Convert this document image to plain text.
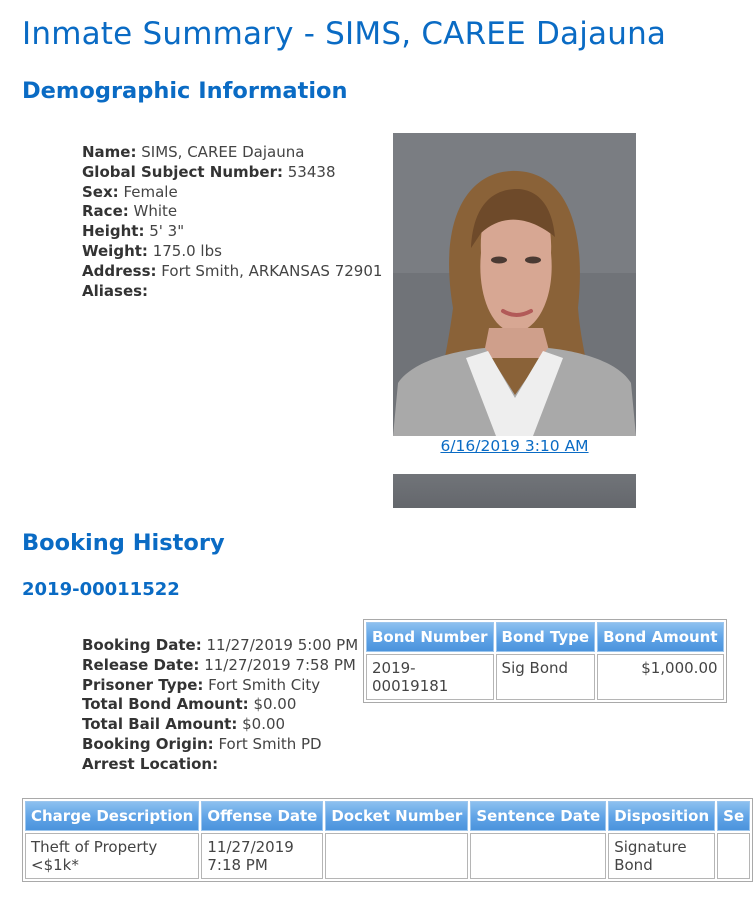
Inmate Summary - SIMS, CAREE Dajauna
Demographic Information
Name: SIMS, CAREE Dajauna
Global Subject Number: 53438
Sex: Female
Race: White
Height: 5' 3"
Weight: 175.0 lbs
Address: Fort Smith, ARKANSAS 72901
Aliases:
6/16/2019 3:10 AM
Booking History
2019-00011522
Booking Date: 11/27/2019 5:00 PM
Release Date: 11/27/2019 7:58 PM
Prisoner Type: Fort Smith City
Total Bond Amount: $0.00
Total Bail Amount: $0.00
Booking Origin: Fort Smith PD
Arrest Location:
Bond Number	Bond Type	Bond Amount
2019-00019181	Sig Bond	$1,000.00
Charge Description	Offense Date	Docket Number	Sentence Date	Disposition	Se
Theft of Property <$1k*	11/27/2019 7:18 PM			Signature Bond	
